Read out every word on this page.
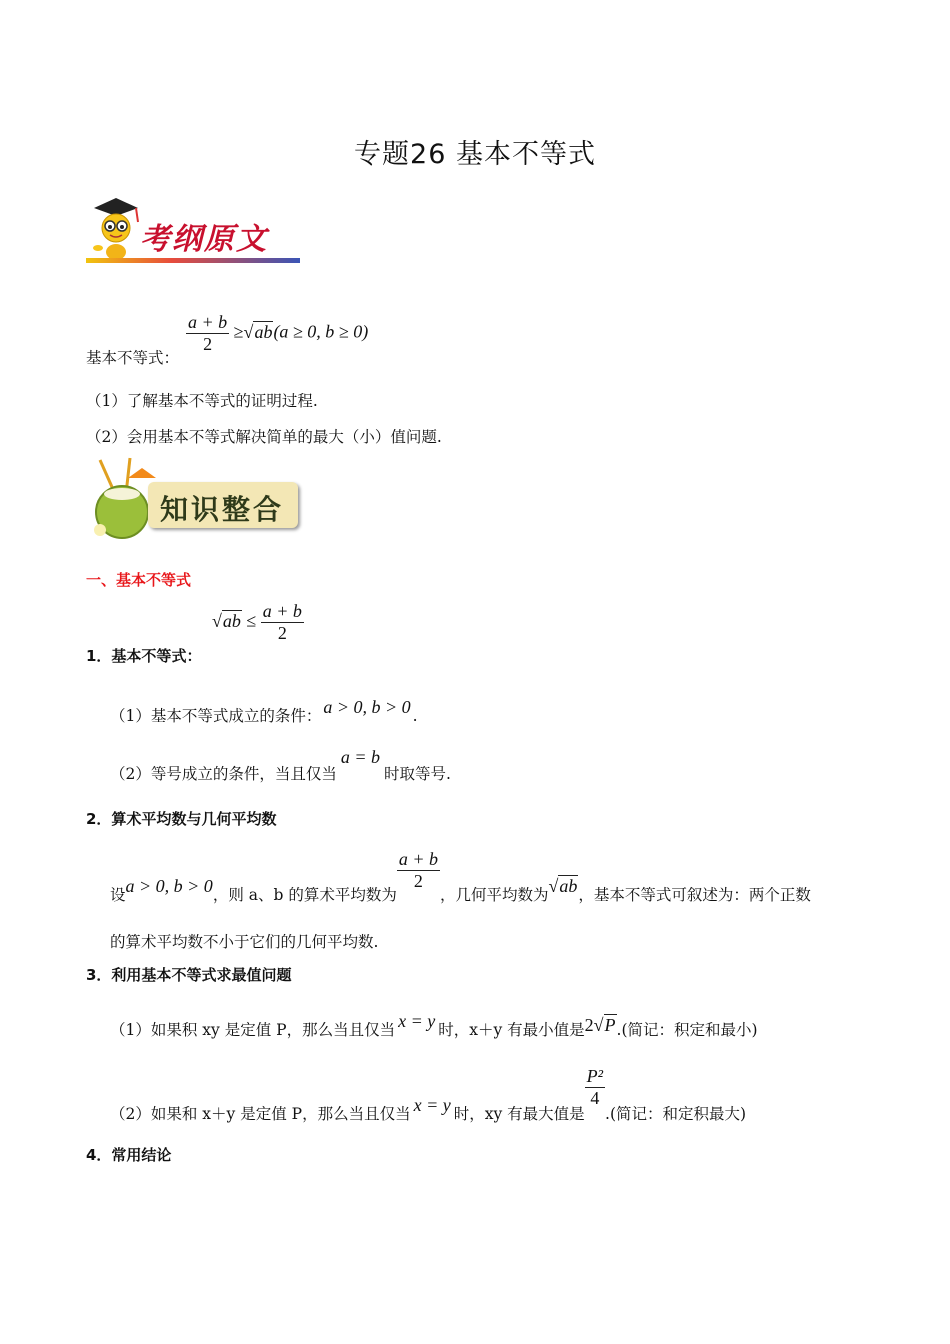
专题26 基本不等式
考纲原文
基本不等式：
$\frac{a + b}{2} \ge√ab(a \ge 0$, b ≥ 0)
（1）了解基本不等式的证明过程.
（2）会用基本不等式解决简单的最大（小）值问题.
知识整合
一、基本不等式
$√ab \le \frac{a + b}{2}$
1．基本不等式：
（1）基本不等式成立的条件： a > 0, b > 0 .
（2）等号成立的条件，当且仅当a = b时取等号.
2．算术平均数与几何平均数
设a > 0, b > 0，则 a、b 的算术平均数为
$\frac{a + b}{2}$
，几何平均数为√ab，基本不等式可叙述为：两个正数
的算术平均数不小于它们的几何平均数.
3．利用基本不等式求最值问题
（1）如果积 xy 是定值 P，那么当且仅当 x = y 时，x＋y 有最小值是2√P.(简记：积定和最小)
（2）如果和 x＋y 是定值 P，那么当且仅当 x = y 时，xy 有最大值是
$\frac{\text{P²}}{4}$
.(简记：和定积最大)
4．常用结论
